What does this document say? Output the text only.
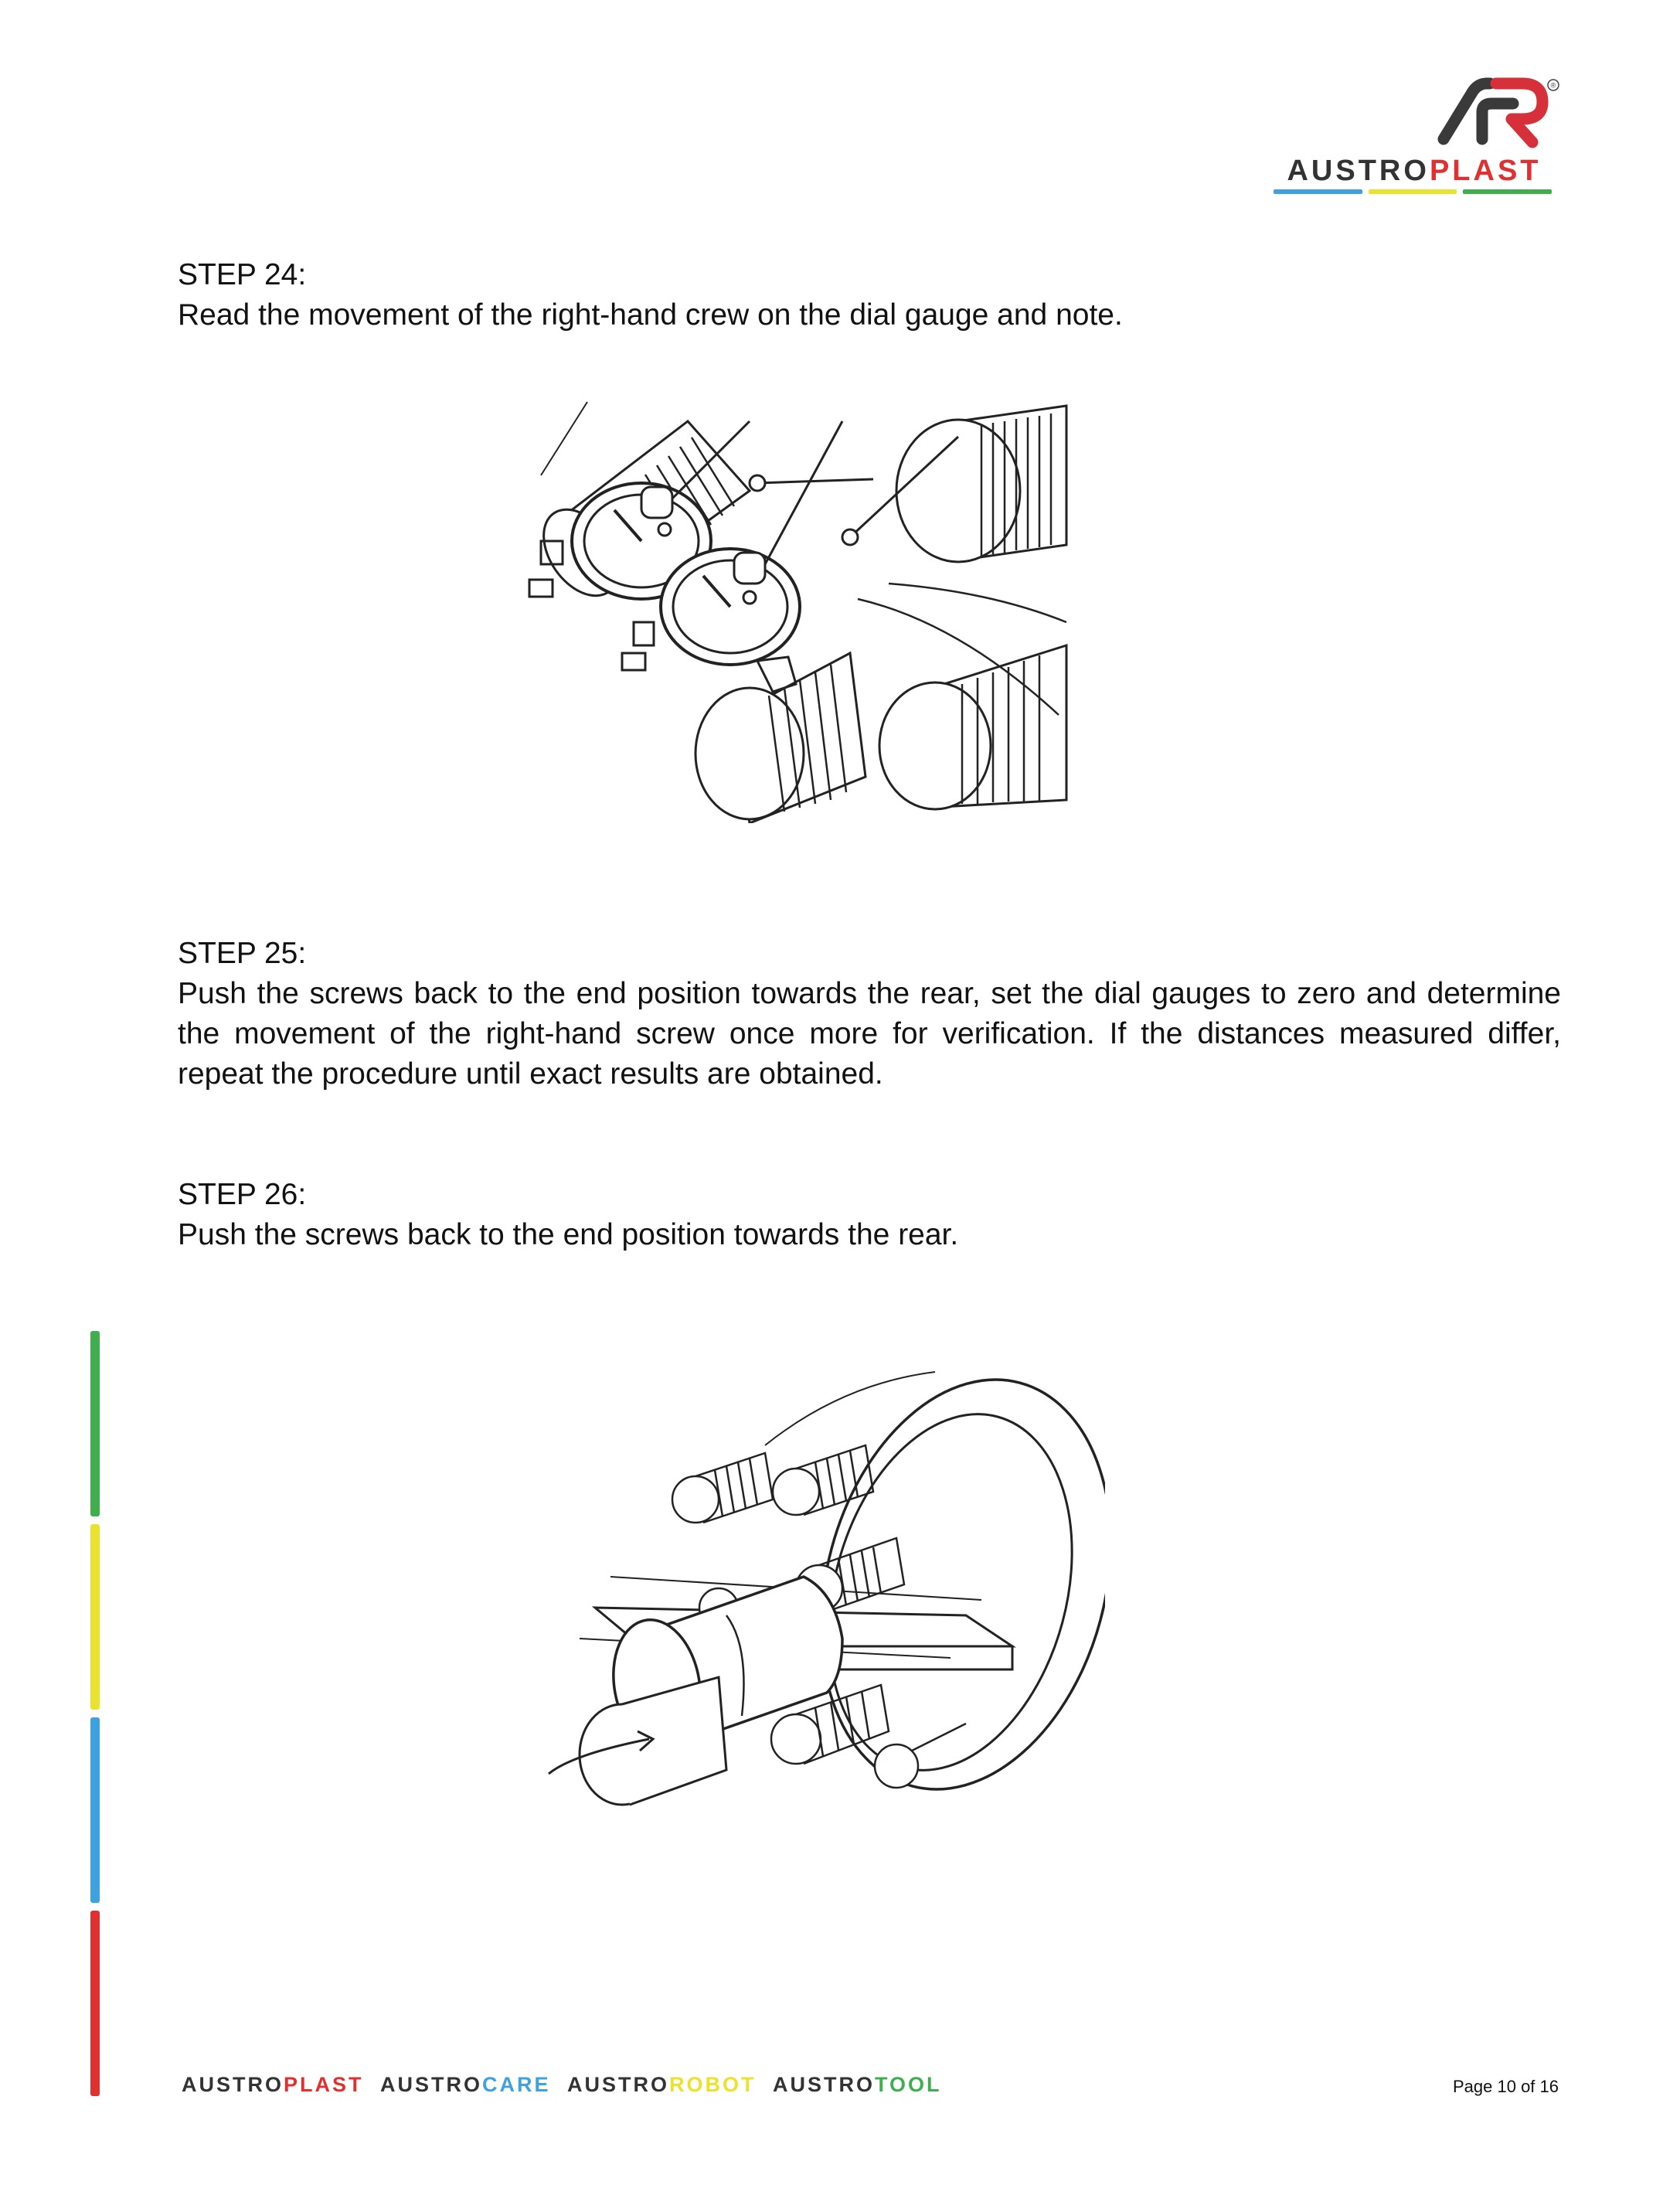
®
AUSTROPLAST
STEP 24:
Read the movement of the right-hand crew on the dial gauge and note.
STEP 25:
Push the screws back to the end position towards the rear, set the dial gauges to zero and determine the movement of the right-hand screw once more for verification. If the distances measured differ, repeat the procedure until exact results are obtained.
STEP 26:
Push the screws back to the end position towards the rear.
AUSTROPLAST AUSTROCARE AUSTROROBOT AUSTROTOOL	Page 10 of 16
